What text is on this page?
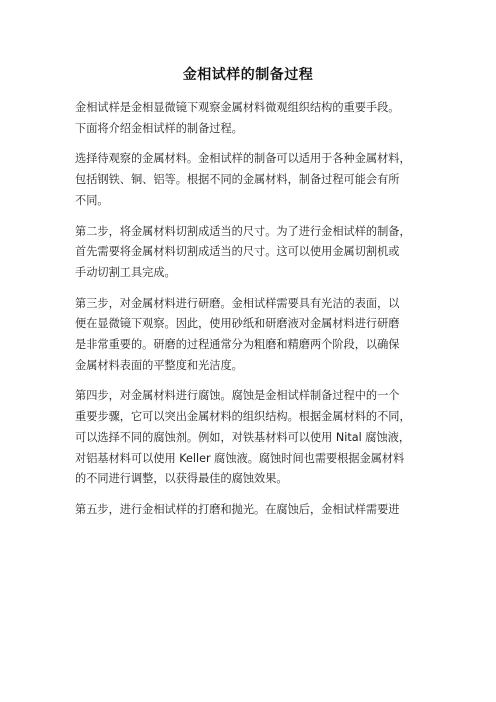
金相试样的制备过程
金相试样是金相显微镜下观察金属材料微观组织结构的重要手段。
下面将介绍金相试样的制备过程。
选择待观察的金属材料。金相试样的制备可以适用于各种金属材料，
包括钢铁、铜、铝等。根据不同的金属材料，制备过程可能会有所
不同。
第二步，将金属材料切割成适当的尺寸。为了进行金相试样的制备，
首先需要将金属材料切割成适当的尺寸。这可以使用金属切割机或
手动切割工具完成。
第三步，对金属材料进行研磨。金相试样需要具有光洁的表面，以
便在显微镜下观察。因此，使用砂纸和研磨液对金属材料进行研磨
是非常重要的。研磨的过程通常分为粗磨和精磨两个阶段，以确保
金属材料表面的平整度和光洁度。
第四步，对金属材料进行腐蚀。腐蚀是金相试样制备过程中的一个
重要步骤，它可以突出金属材料的组织结构。根据金属材料的不同，
可以选择不同的腐蚀剂。例如，对铁基材料可以使用 Nital 腐蚀液，
对铝基材料可以使用 Keller 腐蚀液。腐蚀时间也需要根据金属材料
的不同进行调整，以获得最佳的腐蚀效果。
第五步，进行金相试样的打磨和抛光。在腐蚀后，金相试样需要进
